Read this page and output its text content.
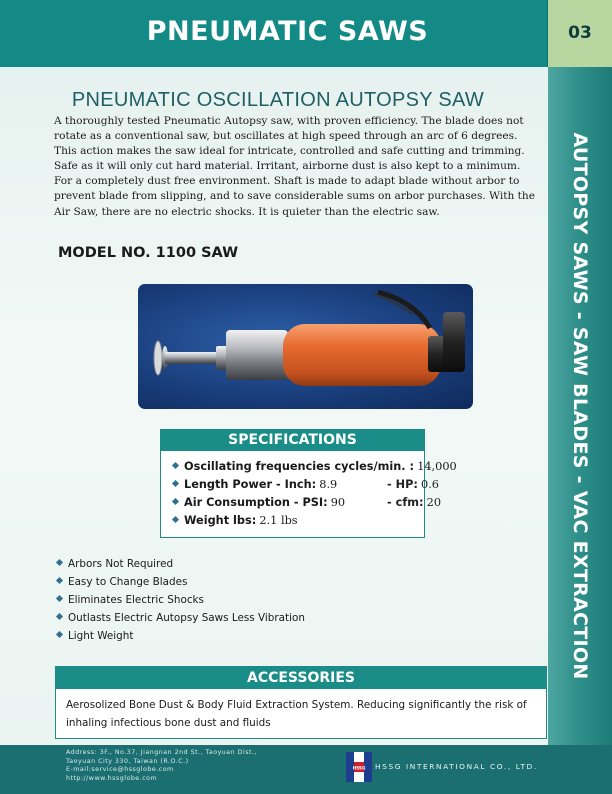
PNEUMATIC SAWS	03
AUTOPSY SAWS - SAW BLADES - VAC EXTRACTION
PNEUMATIC OSCILLATION AUTOPSY SAW
A thoroughly tested Pneumatic Autopsy saw, with proven efficiency. The blade does not
rotate as a conventional saw, but oscillates at high speed through an arc of 6 degrees.
This action makes the saw ideal for intricate, controlled and safe cutting and trimming.
Safe as it will only cut hard material. Irritant, airborne dust is also kept to a minimum.
For a completely dust free environment. Shaft is made to adapt blade without arbor to
prevent blade from slipping, and to save considerable sums on arbor purchases. With the
Air Saw, there are no electric shocks. It is quieter than the electric saw.
MODEL NO. 1100 SAW
SPECIFICATIONS
Oscillating frequencies cycles/min. : 14,000
Length Power - Inch: 8.9	- HP: 0.6
Air Consumption - PSI: 90	- cfm: 20
Weight lbs: 2.1 lbs
Arbors Not Required
Easy to Change Blades
Eliminates Electric Shocks
Outlasts Electric Autopsy Saws Less Vibration
Light Weight
ACCESSORIES
Aerosolized Bone Dust & Body Fluid Extraction System. Reducing significantly the risk of
inhaling infectious bone dust and fluids
Address: 3F., No.37, Jiangnan 2nd St., Taoyuan Dist.,
Taoyuan City 330, Taiwan (R.O.C.)
E-mail:service@hssglobe.com
http://www.hssglobe.com
HSSG HSSG INTERNATIONAL CO., LTD.
